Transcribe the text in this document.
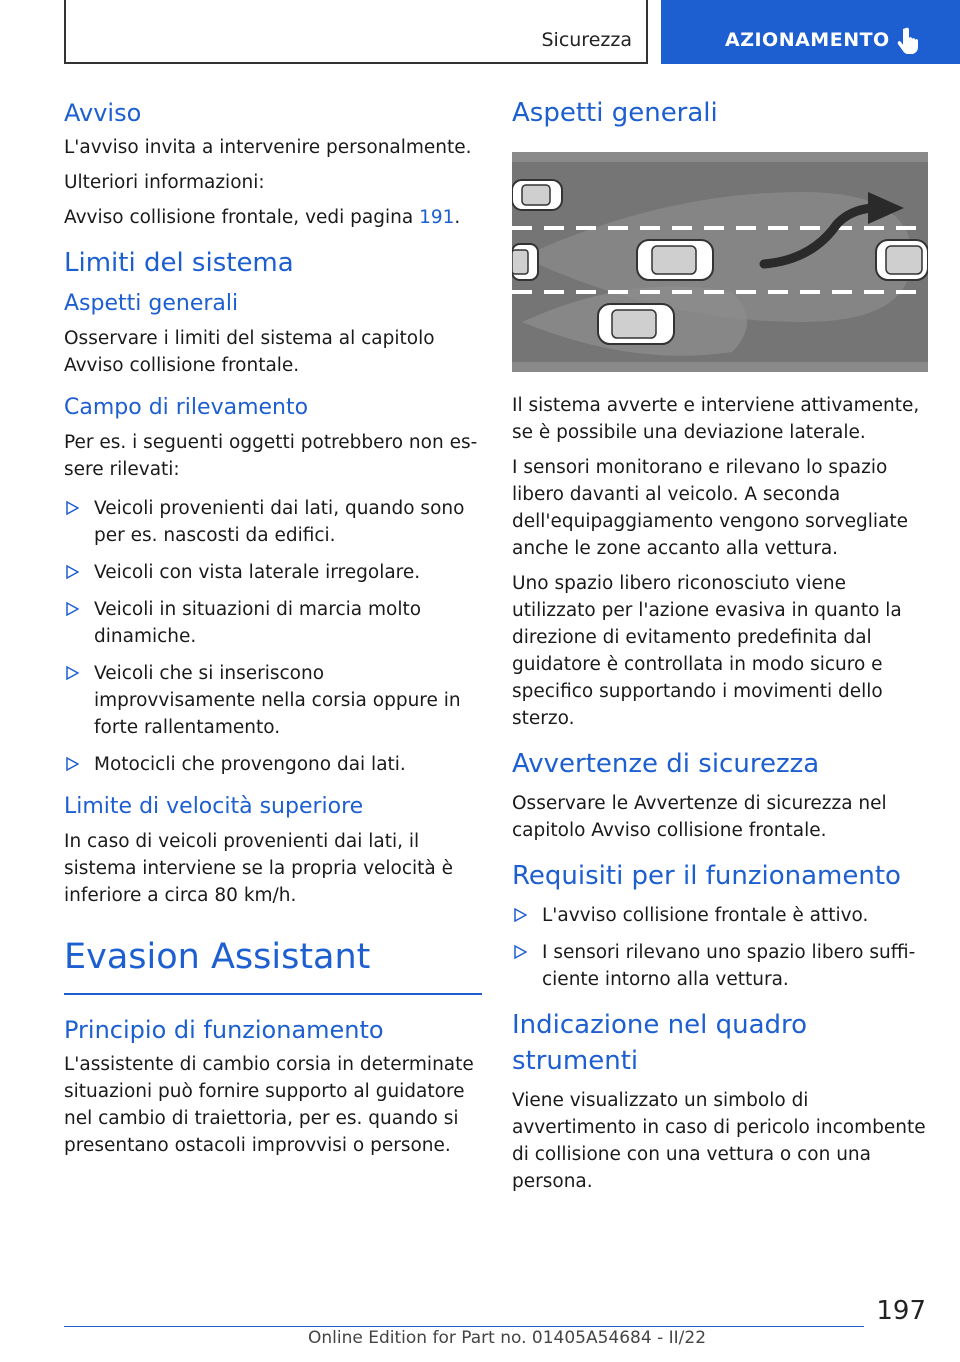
Sicurezza	AZIONAMENTO
Avviso

L'avviso invita a intervenire personalmente.

Ulteriori informazioni:

Avviso collisione frontale, vedi pagina 191.

Limiti del sistema
Aspetti generali

Osservare i limiti del sistema al capitolo Avviso collisione frontale.

Campo di rilevamento

Per es. i seguenti oggetti potrebbero non essere rilevati:

Veicoli provenienti dai lati, quando sono per es. nascosti da edifici.
Veicoli con vista laterale irregolare.
Veicoli in situazioni di marcia molto dinamiche.
Veicoli che si inseriscono improvvisamente nella corsia oppure in forte rallentamento.
Motocicli che provengono dai lati.
Limite di velocità superiore

In caso di veicoli provenienti dai lati, il sistema interviene se la propria velocità è inferiore a circa 80 km/h.

Evasion Assistant
Principio di funzionamento

L'assistente di cambio corsia in determinate situazioni può fornire supporto al guidatore nel cambio di traiettoria, per es. quando si presentano ostacoli improvvisi o persone.

Aspetti generali

Il sistema avverte e interviene attivamente, se è possibile una deviazione laterale.

I sensori monitorano e rilevano lo spazio libero davanti al veicolo. A seconda dell'equipaggiamento vengono sorvegliate anche le zone accanto alla vettura.

Uno spazio libero riconosciuto viene utilizzato per l'azione evasiva in quanto la direzione di evitamento predefinita dal guidatore è controllata in modo sicuro e specifico supportando i movimenti dello sterzo.

Avvertenze di sicurezza

Osservare le Avvertenze di sicurezza nel capitolo Avviso collisione frontale.

Requisiti per il funzionamento
L'avviso collisione frontale è attivo.
I sensori rilevano uno spazio libero sufficiente intorno alla vettura.
Indicazione nel quadro strumenti

Viene visualizzato un simbolo di avvertimento in caso di pericolo incombente di collisione con una vettura o con una persona.

197
Online Edition for Part no. 01405A54684 - II/22
